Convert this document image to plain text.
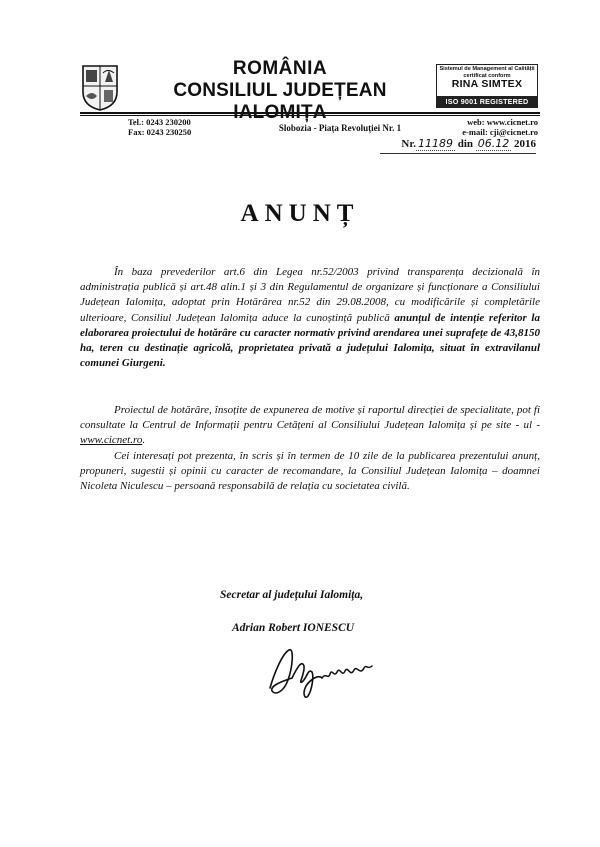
ROMÂNIA
CONSILIUL JUDEȚEAN
Sistemul de Management al Calității
certificat conform
RINA SIMTEX
ISO 9001 REGISTERED
Tel.: 0243 230200
Fax: 0243 230250	Slobozia - Piața Revoluției Nr. 1
web: www.cicnet.ro
e-mail: cji@cicnet.ro
Nr. 11189 din 06.12 2016
ANUNȚ

În baza prevederilor art.6 din Legea nr.52/2003 privind transparența decizională în administrația publică și art.48 alin.1 și 3 din Regulamentul de organizare și funcționare a Consiliului Județean Ialomița, adoptat prin Hotărârea nr.52 din 29.08.2008, cu modificările și completările ulterioare, Consiliul Județean Ialomița aduce la cunoștință publică anunțul de intenție referitor la elaborarea proiectului de hotărâre cu caracter normativ privind arendarea unei suprafețe de 43,8150 ha, teren cu destinație agricolă, proprietatea privată a județului Ialomița, situat în extravilanul comunei Giurgeni.

Proiectul de hotărâre, însoțite de expunerea de motive și raportul direcției de specialitate, pot fi consultate la Centrul de Informații pentru Cetățeni al Consiliului Județean Ialomița și pe site - ul - www.cicnet.ro.

Cei interesați pot prezenta, în scris și în termen de 10 zile de la publicarea prezentului anunț, propuneri, sugestii și opinii cu caracter de recomandare, la Consiliul Județean Ialomița – doamnei Nicoleta Niculescu – persoană responsabilă de relația cu societatea civilă.

Secretar al județului Ialomița,
Adrian Robert IONESCU
